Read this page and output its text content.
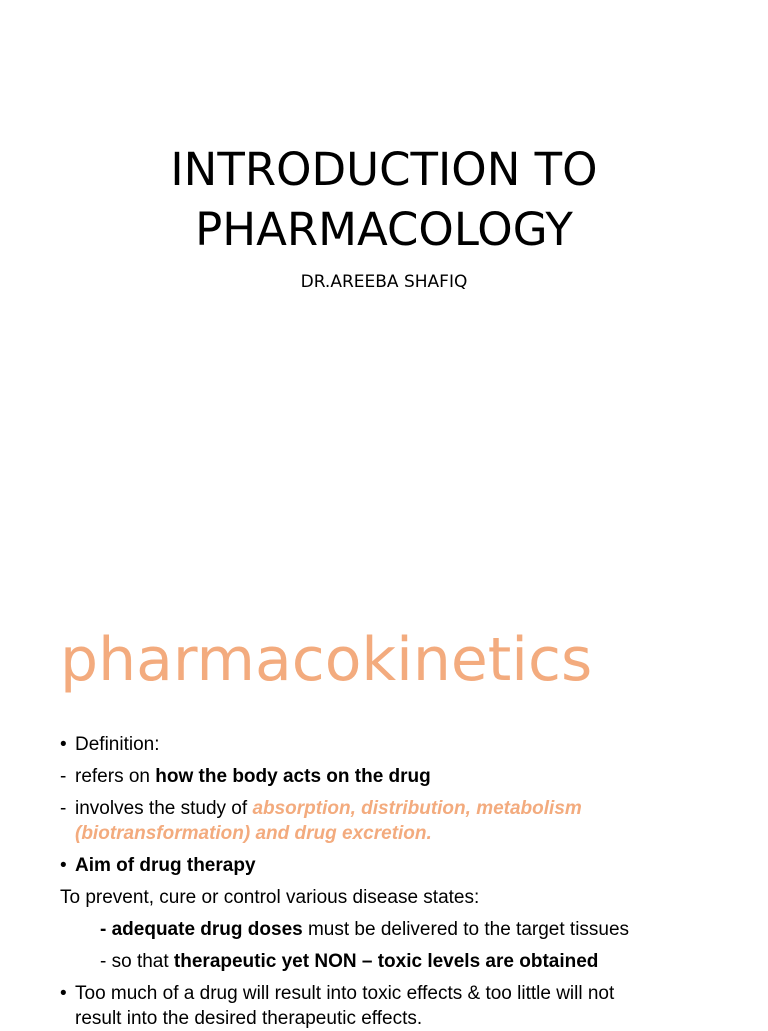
INTRODUCTION TO
PHARMACOLOGY
DR.AREEBA SHAFIQ
pharmacokinetics
• Definition:
- refers on how the body acts on the drug
- involves the study of absorption, distribution, metabolism
(biotransformation) and drug excretion.
• Aim of drug therapy
To prevent, cure or control various disease states:
- adequate drug doses must be delivered to the target tissues
- so that therapeutic yet NON – toxic levels are obtained
• Too much of a drug will result into toxic effects & too little will not
result into the desired therapeutic effects.
